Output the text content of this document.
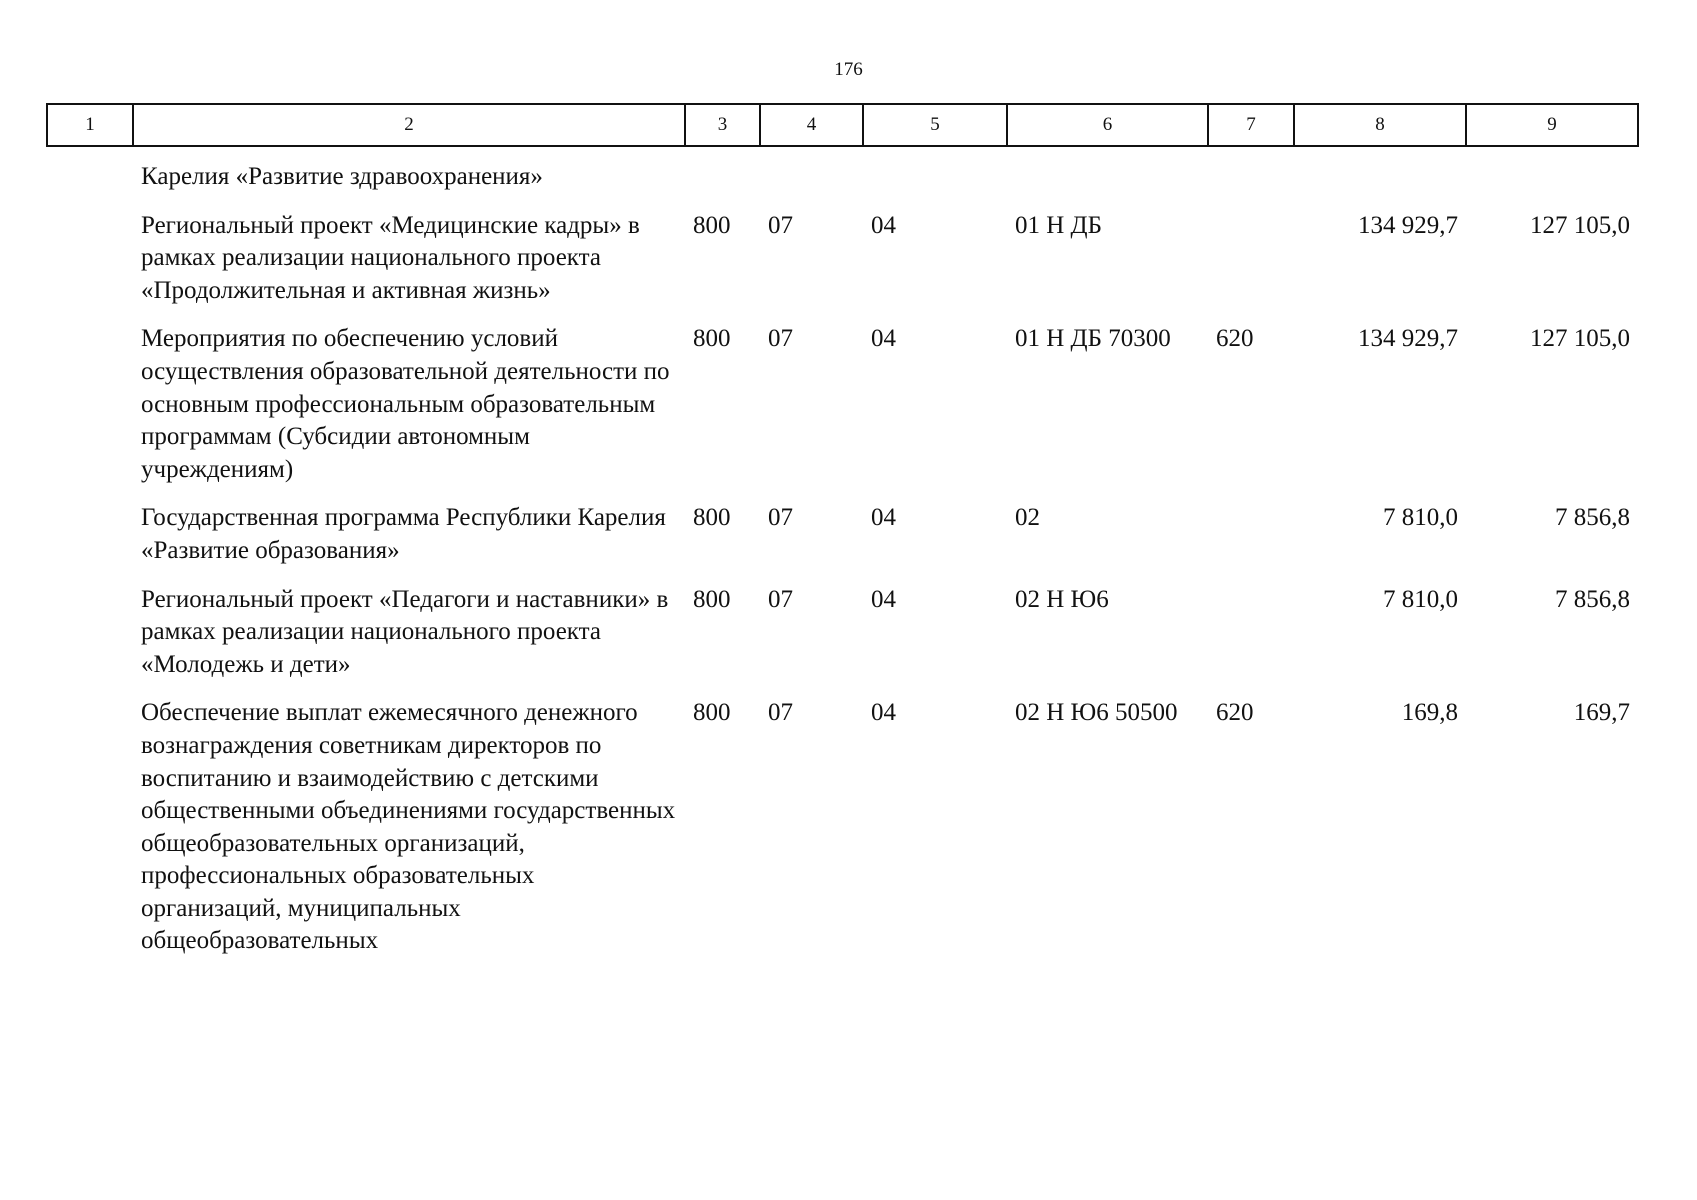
176
1	2	3	4	5	6	7	8	9
	Карелия «Развитие здравоохранения»							
	Региональный проект «Медицинские кадры» в рамках реализации национального проекта «Продолжительная и активная жизнь»	800	07	04	01 Н ДБ		134 929,7	127 105,0
	Мероприятия по обеспечению условий осуществления образовательной деятельности по основным профессиональным образовательным программам (Субсидии автономным учреждениям)	800	07	04	01 Н ДБ 70300	620	134 929,7	127 105,0
	Государственная программа Республики Карелия «Развитие образования»	800	07	04	02		7 810,0	7 856,8
	Региональный проект «Педагоги и наставники» в рамках реализации национального проекта «Молодежь и дети»	800	07	04	02 Н Ю6		7 810,0	7 856,8
	Обеспечение выплат ежемесячного денежного вознаграждения советникам директоров по воспитанию и взаимодействию с детскими общественными объединениями государственных общеобразовательных организаций, профессиональных образовательных организаций, муниципальных общеобразовательных	800	07	04	02 Н Ю6 50500	620	169,8	169,7
